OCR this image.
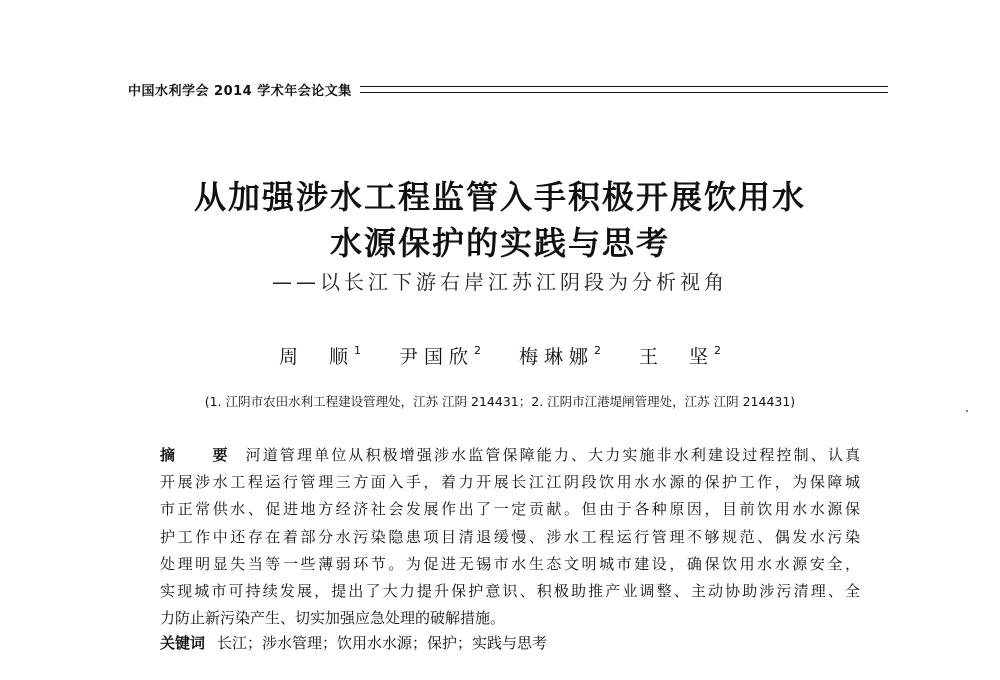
中国水利学会 2014 学术年会论文集
从加强涉水工程监管入手积极开展饮用水
水源保护的实践与思考
——以长江下游右岸江苏江阴段为分析视角
周　顺$^1$ 尹国欣$^2$ 梅琳娜$^2$ 王　坚$^2$
(1. 江阴市农田水利工程建设管理处，江苏 江阴 214431；2. 江阴市江港堤闸管理处，江苏 江阴 214431)
摘 要 河道管理单位从积极增强涉水监管保障能力、大力实施非水利建设过程控制、认真
开展涉水工程运行管理三方面入手，着力开展长江江阴段饮用水水源的保护工作，为保障城
市正常供水、促进地方经济社会发展作出了一定贡献。但由于各种原因，目前饮用水水源保
护工作中还存在着部分水污染隐患项目清退缓慢、涉水工程运行管理不够规范、偶发水污染
处理明显失当等一些薄弱环节。为促进无锡市水生态文明城市建设，确保饮用水水源安全，
实现城市可持续发展，提出了大力提升保护意识、积极助推产业调整、主动协助涉污清理、全
力防止新污染产生、切实加强应急处理的破解措施。
关键词 长江；涉水管理；饮用水水源；保护；实践与思考
